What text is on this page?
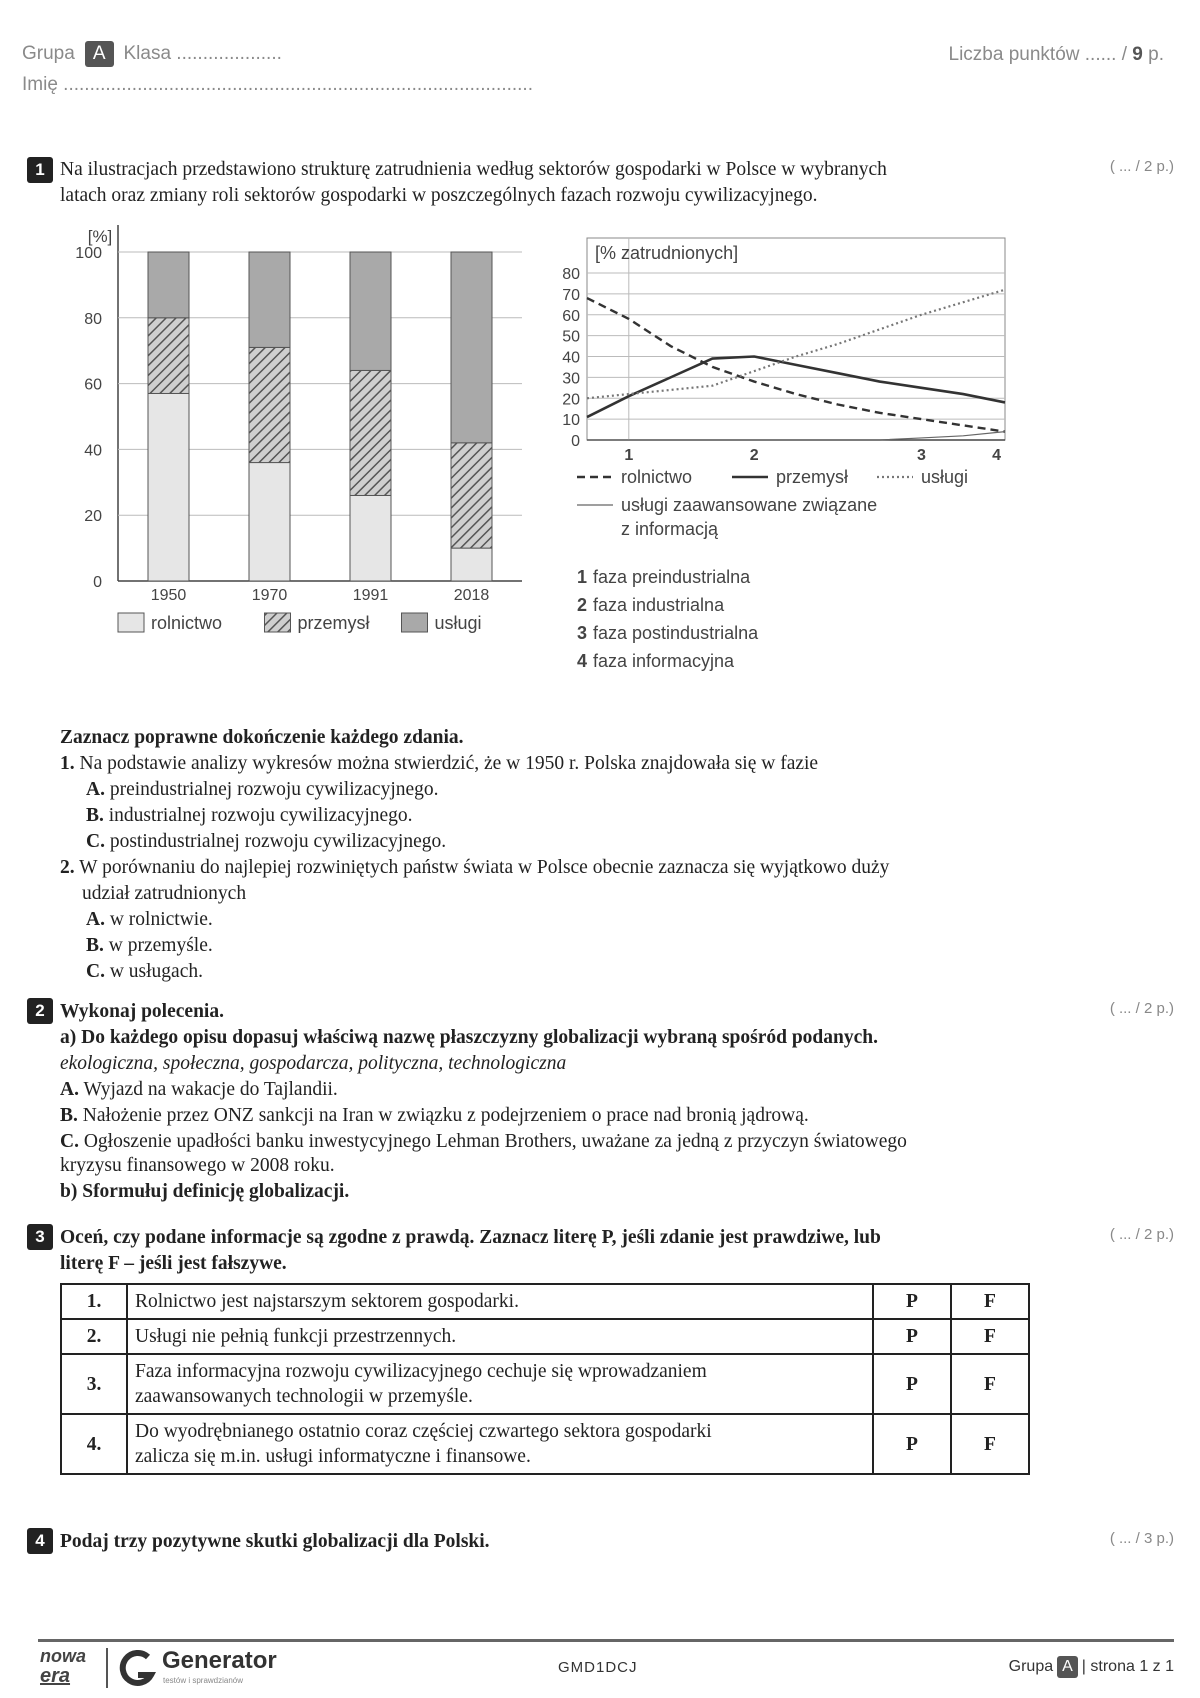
Grupa A Klasa ....................	Liczba punktów ...... / 9 p.
Imię .........................................................................................
1	( ... / 2 p.)
Na ilustracjach przedstawiono strukturę zatrudnienia według sektorów gospodarki w Polsce w wybranych
latach oraz zmiany roli sektorów gospodarki w poszczególnych fazach rozwoju cywilizacyjnego.
[%]
0
20
40
60
80
100
1950	1970	1991	2018
rolnictwo	przemysł	usługi
[% zatrudnionych]
0
10
20
30
40
50
60
70
80
1	2	3	4
rolnictwo	przemysł	usługi
usługi zaawansowane związane
z informacją
1 faza preindustrialna
2 faza industrialna
3 faza postindustrialna
4 faza informacyjna
Zaznacz poprawne dokończenie każdego zdania.
1. Na podstawie analizy wykresów można stwierdzić, że w 1950 r. Polska znajdowała się w fazie
A. preindustrialnej rozwoju cywilizacyjnego.
B. industrialnej rozwoju cywilizacyjnego.
C. postindustrialnej rozwoju cywilizacyjnego.
2. W porównaniu do najlepiej rozwiniętych państw świata w Polsce obecnie zaznacza się wyjątkowo duży
udział zatrudnionych
A. w rolnictwie.
B. w przemyśle.
C. w usługach.
2	( ... / 2 p.)
Wykonaj polecenia.
a) Do każdego opisu dopasuj właściwą nazwę płaszczyzny globalizacji wybraną spośród podanych.
ekologiczna, społeczna, gospodarcza, polityczna, technologiczna
A. Wyjazd na wakacje do Tajlandii.
B. Nałożenie przez ONZ sankcji na Iran w związku z podejrzeniem o prace nad bronią jądrową.
C. Ogłoszenie upadłości banku inwestycyjnego Lehman Brothers, uważane za jedną z przyczyn światowego
kryzysu finansowego w 2008 roku.
b) Sformułuj definicję globalizacji.
3	( ... / 2 p.)
Oceń, czy podane informacje są zgodne z prawdą. Zaznacz literę P, jeśli zdanie jest prawdziwe, lub
literę F – jeśli jest fałszywe.
1.	Rolnictwo jest najstarszym sektorem gospodarki.	P	F
2.	Usługi nie pełnią funkcji przestrzennych.	P	F
3.	Faza informacyjna rozwoju cywilizacyjnego cechuje się wprowadzaniem
zaawansowanych technologii w przemyśle.	P	F
4.	Do wyodrębnianego ostatnio coraz częściej czwartego sektora gospodarki
zalicza się m.in. usługi informatyczne i finansowe.	P	F
4	( ... / 3 p.)
Podaj trzy pozytywne skutki globalizacji dla Polski.
nowa
era
Generator
testów i sprawdzianów
GMD1DCJ	Grupa A | strona 1 z 1
